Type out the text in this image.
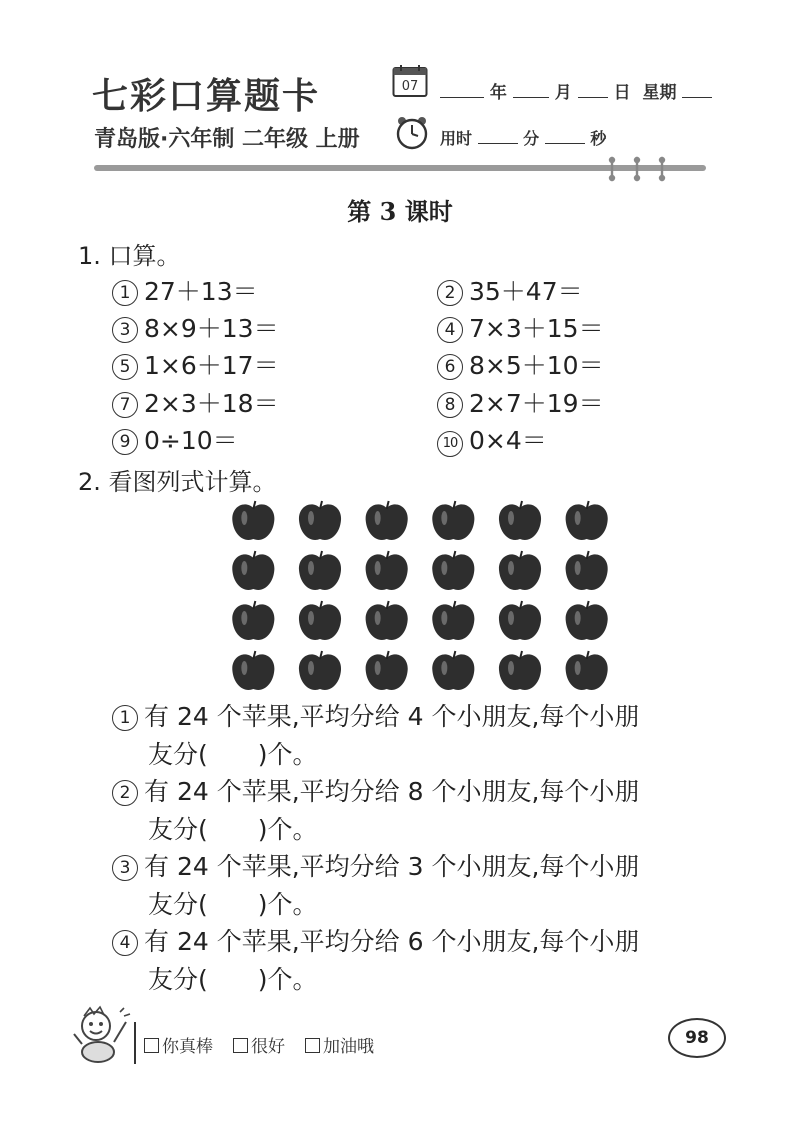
七彩口算题卡
青岛版·六年制 二年级 上册
07	年	月 日 星期
用时	分	秒
第 3 课时
1. 口算。
1 27＋13＝	2 35＋47＝
3 8×9＋13＝	4 7×3＋15＝
5 1×6＋17＝	6 8×5＋10＝
7 2×3＋18＝	8 2×7＋19＝
9 0÷10＝	10 0×4＝
2. 看图列式计算。
1 有 24 个苹果,平均分给 4 个小朋友,每个小朋
友分(　　)个。
2 有 24 个苹果,平均分给 8 个小朋友,每个小朋
友分(　　)个。
3 有 24 个苹果,平均分给 3 个小朋友,每个小朋
友分(　　)个。
4 有 24 个苹果,平均分给 6 个小朋友,每个小朋
友分(　　)个。
你真棒	很好	加油哦	98
